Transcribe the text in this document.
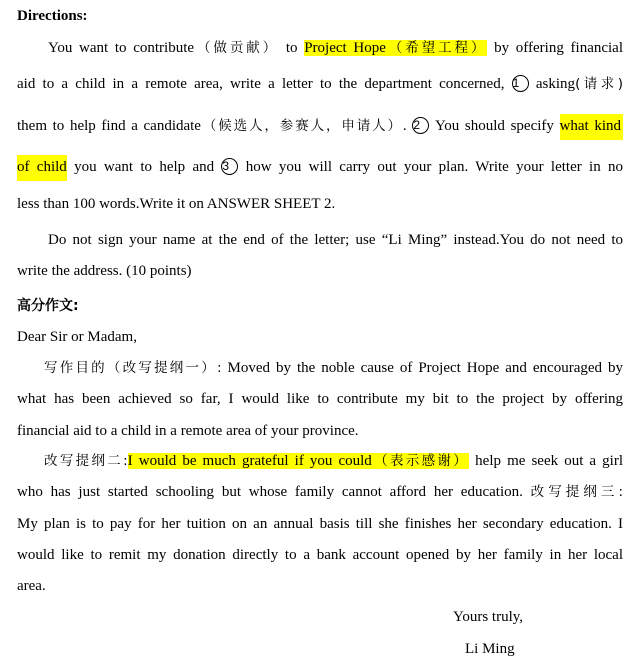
Directions:
You want to contribute（做贡献） to Project Hope（希望工程） by offering financial
aid to a child in a remote area, write a letter to the department concerned, 1 asking(请求)
them to help find a candidate（候选人，参赛人，申请人）. 2 You should specify what kind
of child you want to help and 3 how you will carry out your plan. Write your letter in no
less than 100 words.Write it on ANSWER SHEET 2.
Do not sign your name at the end of the letter; use “Li Ming” instead.You do not need to
write the address. (10 points)
高分作文:
Dear Sir or Madam,
写作目的（改写提纲一）: Moved by the noble cause of Project Hope and encouraged by
what has been achieved so far, I would like to contribute my bit to the project by offering
financial aid to a child in a remote area of your province.
改写提纲二:I would be much grateful if you could（表示感谢） help me seek out a girl
who has just started schooling but whose family cannot afford her education. 改写提纲三:
My plan is to pay for her tuition on an annual basis till she finishes her secondary education. I
would like to remit my donation directly to a bank account opened by her family in her local
area.
Yours truly,
Li Ming
